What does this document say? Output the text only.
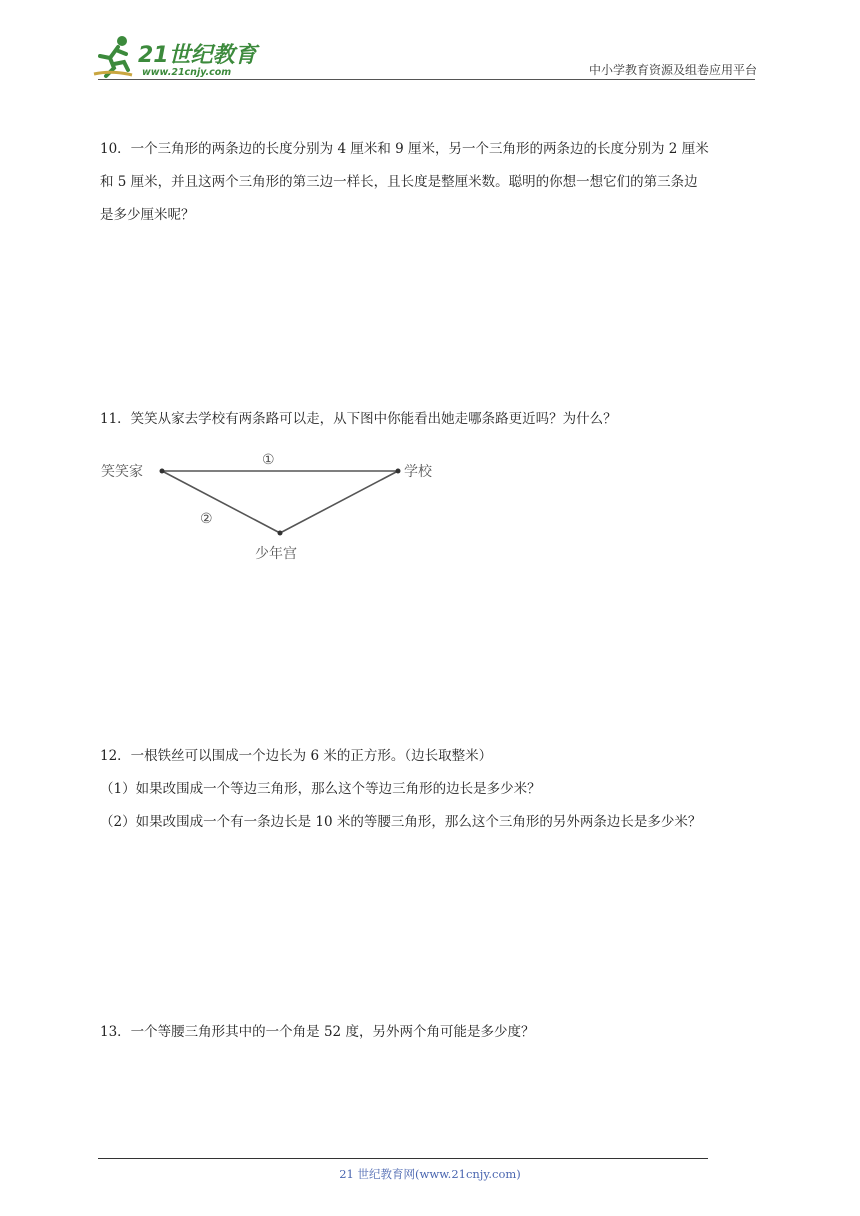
21世纪教育
www.21cnjy.com	中小学教育资源及组卷应用平台
10．一个三角形的两条边的长度分别为 4 厘米和 9 厘米，另一个三角形的两条边的长度分别为 2 厘米
和 5 厘米，并且这两个三角形的第三边一样长，且长度是整厘米数。聪明的你想一想它们的第三条边
是多少厘米呢？
11．笑笑从家去学校有两条路可以走，从下图中你能看出她走哪条路更近吗？为什么？
笑笑家	学校
少年宫
①
②
12．一根铁丝可以围成一个边长为 6 米的正方形。（边长取整米）
（1）如果改围成一个等边三角形，那么这个等边三角形的边长是多少米？
（2）如果改围成一个有一条边长是 10 米的等腰三角形，那么这个三角形的另外两条边长是多少米？
13．一个等腰三角形其中的一个角是 52 度，另外两个角可能是多少度？
21 世纪教育网(www.21cnjy.com)
